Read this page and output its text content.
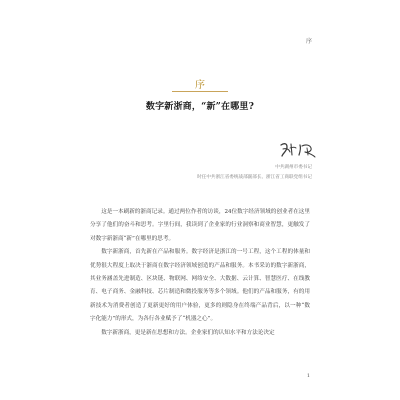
序
序
数字新浙商，“新”在哪里?
中共湖州市委书记
时任中共浙江省委统战部副部长、浙江省工商联党组书记

这是一本刷新的浙商记录。通过两位作者的访谈，24位数字经济领域的创业者在这里分享了他们的奋斗和思考。字里行间，我读到了企业家的行业洞察和商业智慧，更触发了对数字新浙商“新”在哪里的思考。

数字新浙商，首先新在产品和服务。数字经济是浙江的一号工程，这个工程的体量和优势很大程度上取决于浙商在数字经济领域创造的产品和服务。本书采访的数字新浙商，其业务涵盖先进制造、区块链、物联网、网络安全、大数据、云计算、智慧医疗、在线教育、电子商务、金融科技、芯片制造和微投服务等多个领域。他们的产品和服务，有的用新技术为消费者创造了更新更好的用户体验，更多的则隐身在终端产品背后，以一种“数字化能力”的形式，为各行各业赋予了“机器之心”。

数字新浙商，更是新在思想和方法。企业家们的认知水平和方法论决定

1
